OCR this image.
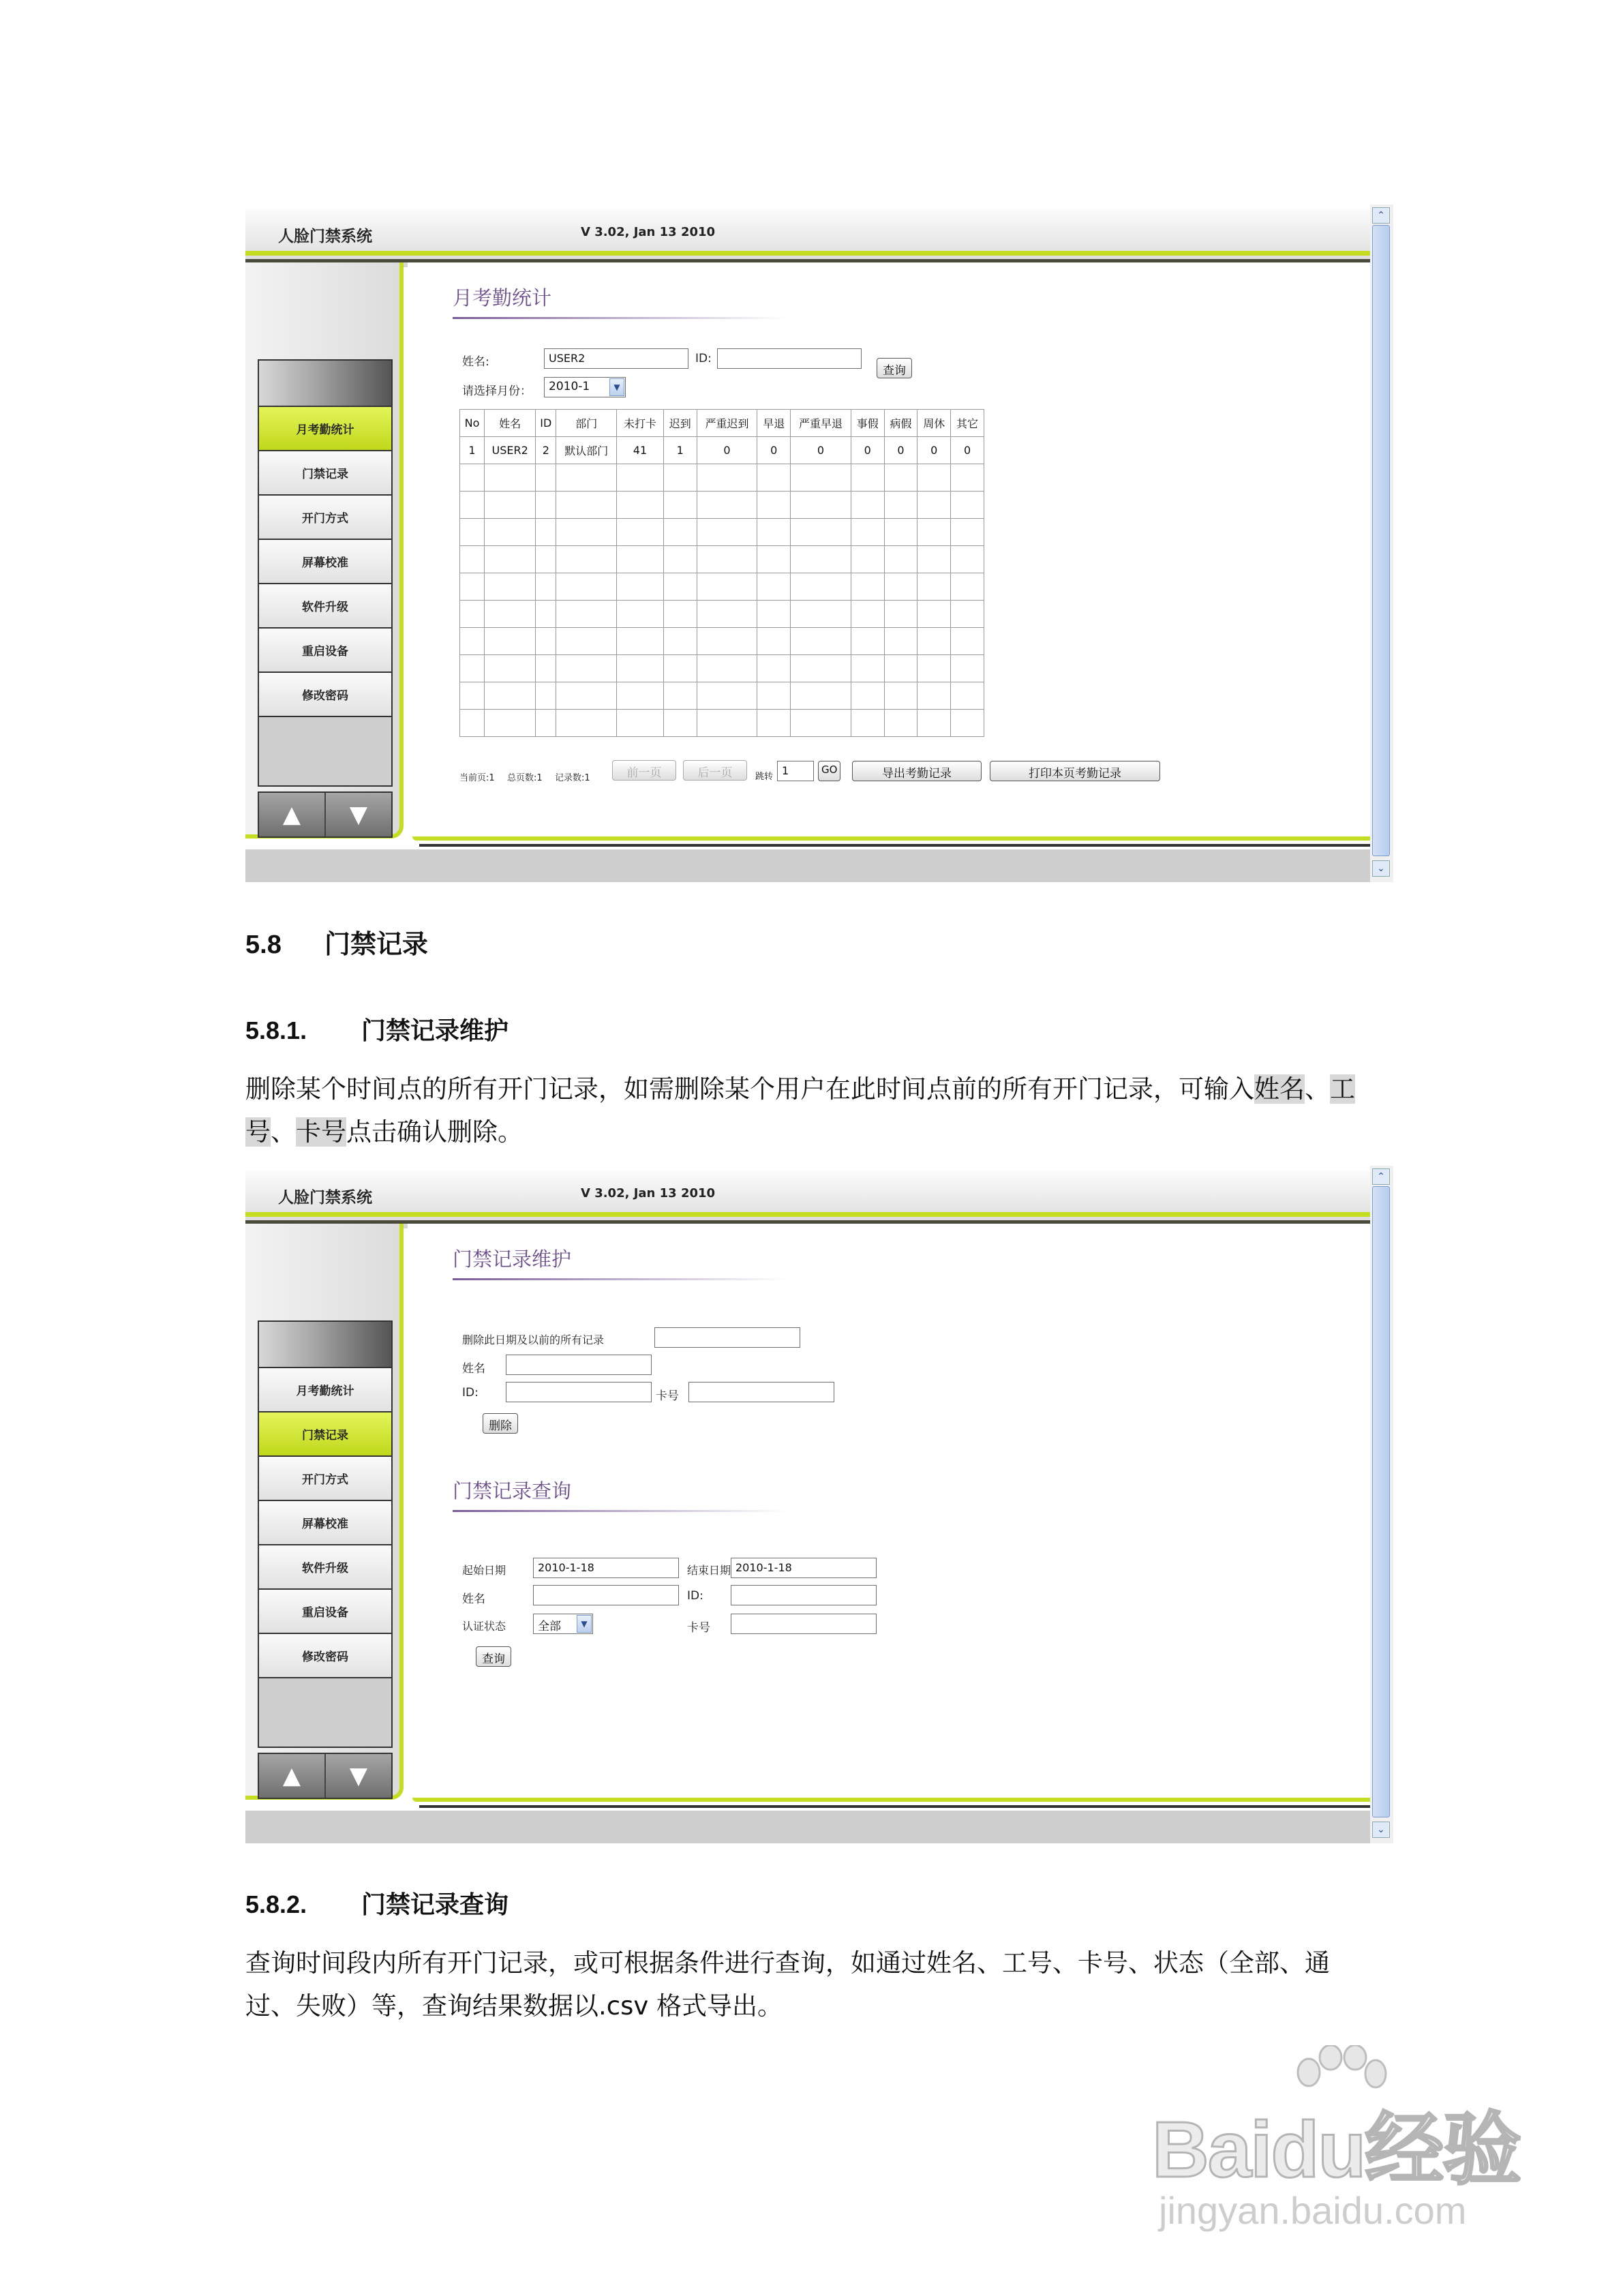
人脸门禁系统	V 3.02, Jan 13 2010
月考勤统计
门禁记录
开门方式
屏幕校准
软件升级
重启设备
修改密码
▲	▼
月考勤统计
姓名:	USER2	ID:
查询
请选择月份：	2010-1	▼
No	姓名	ID	部门	未打卡	迟到	严重迟到	早退	严重早退	事假	病假	周休	其它
1	USER2	2	默认部门	41	1	0	0	0	0	0	0	0

当前页:1 总页数:1 记录数:1	前一页	后一页	跳转 1	GO	导出考勤记录	打印本页考勤记录
⌃
⌄
5.8 门禁记录
5.8.1. 门禁记录维护

删除某个时间点的所有开门记录，如需删除某个用户在此时间点前的所有开门记录，可输入姓名、工号、卡号点击确认删除。

人脸门禁系统	V 3.02, Jan 13 2010
月考勤统计
门禁记录
开门方式
屏幕校准
软件升级
重启设备
修改密码
▲	▼
门禁记录维护
删除此日期及以前的所有记录
姓名
ID:	卡号
删除
门禁记录查询
起始日期	2010-1-18	结束日期 2010-1-18
姓名	ID:
认证状态	全部	▼	卡号
查询
⌃
⌄
5.8.2. 门禁记录查询

查询时间段内所有开门记录，或可根据条件进行查询，如通过姓名、工号、卡号、状态（全部、通过、失败）等，查询结果数据以.csv 格式导出。

Baidu经验
jingyan.baidu.com
